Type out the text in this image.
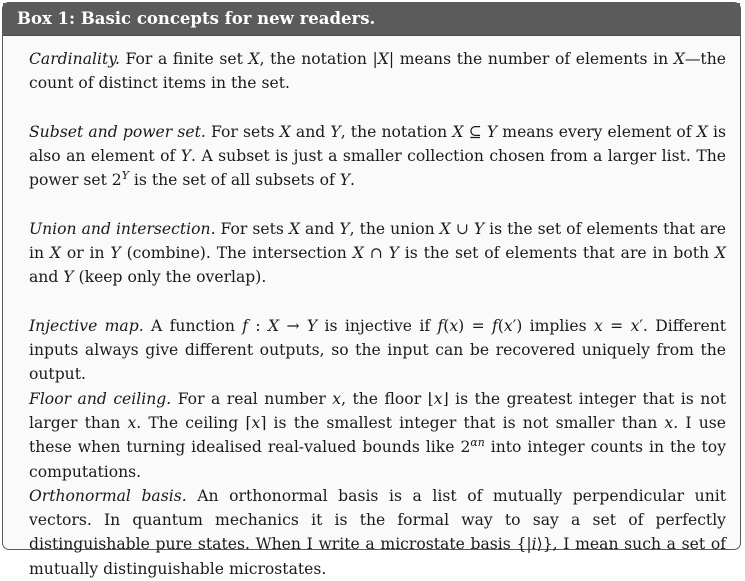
Box 1: Basic concepts for new readers.

Cardinality. For a finite set X, the notation |X| means the number of elements in X—the count of distinct items in the set.

Subset and power set. For sets X and Y, the notation X ⊆ Y means every element of X is also an element of Y. A subset is just a smaller collection chosen from a larger list. The power set $2^Y$ is the set of all subsets of Y.

Union and intersection. For sets X and Y, the union X ∪ Y is the set of elements that are in X or in Y (combine). The intersection X ∩ Y is the set of elements that are in both X and Y (keep only the overlap).

Injective map. A function f : X → Y is injective if f(x) = f(x′) implies x = x′. Different inputs always give different outputs, so the input can be recovered uniquely from the output.

Floor and ceiling. For a real number x, the floor ⌊x⌋ is the greatest integer that is not larger than x. The ceiling ⌈x⌉ is the smallest integer that is not smaller than x. I use these when turning idealised real-valued bounds like $2^{\alpha n}$ into integer counts in the toy computations.

Orthonormal basis. An orthonormal basis is a list of mutually perpendicular unit vectors. In quantum mechanics it is the formal way to say a set of perfectly distinguishable pure states. When I write a microstate basis {|i⟩}, I mean such a set of mutually distinguishable microstates.
